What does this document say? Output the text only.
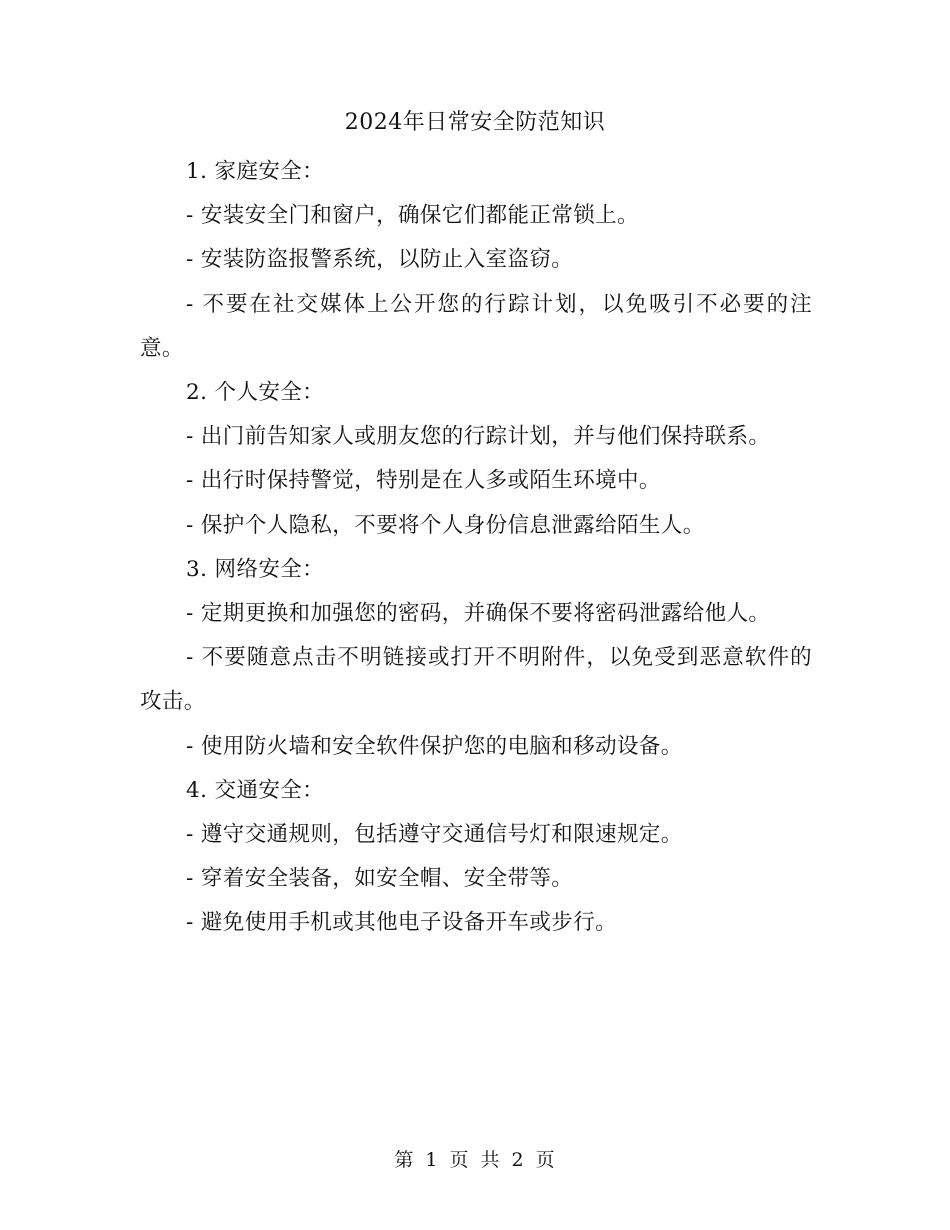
2024年日常安全防范知识

1. 家庭安全：

- 安装安全门和窗户，确保它们都能正常锁上。

- 安装防盗报警系统，以防止入室盗窃。

- 不要在社交媒体上公开您的行踪计划，以免吸引不必要的注意。

2. 个人安全：

- 出门前告知家人或朋友您的行踪计划，并与他们保持联系。

- 出行时保持警觉，特别是在人多或陌生环境中。

- 保护个人隐私，不要将个人身份信息泄露给陌生人。

3. 网络安全：

- 定期更换和加强您的密码，并确保不要将密码泄露给他人。

- 不要随意点击不明链接或打开不明附件，以免受到恶意软件的攻击。

- 使用防火墙和安全软件保护您的电脑和移动设备。

4. 交通安全：

- 遵守交通规则，包括遵守交通信号灯和限速规定。

- 穿着安全装备，如安全帽、安全带等。

- 避免使用手机或其他电子设备开车或步行。

第 1 页 共 2 页
